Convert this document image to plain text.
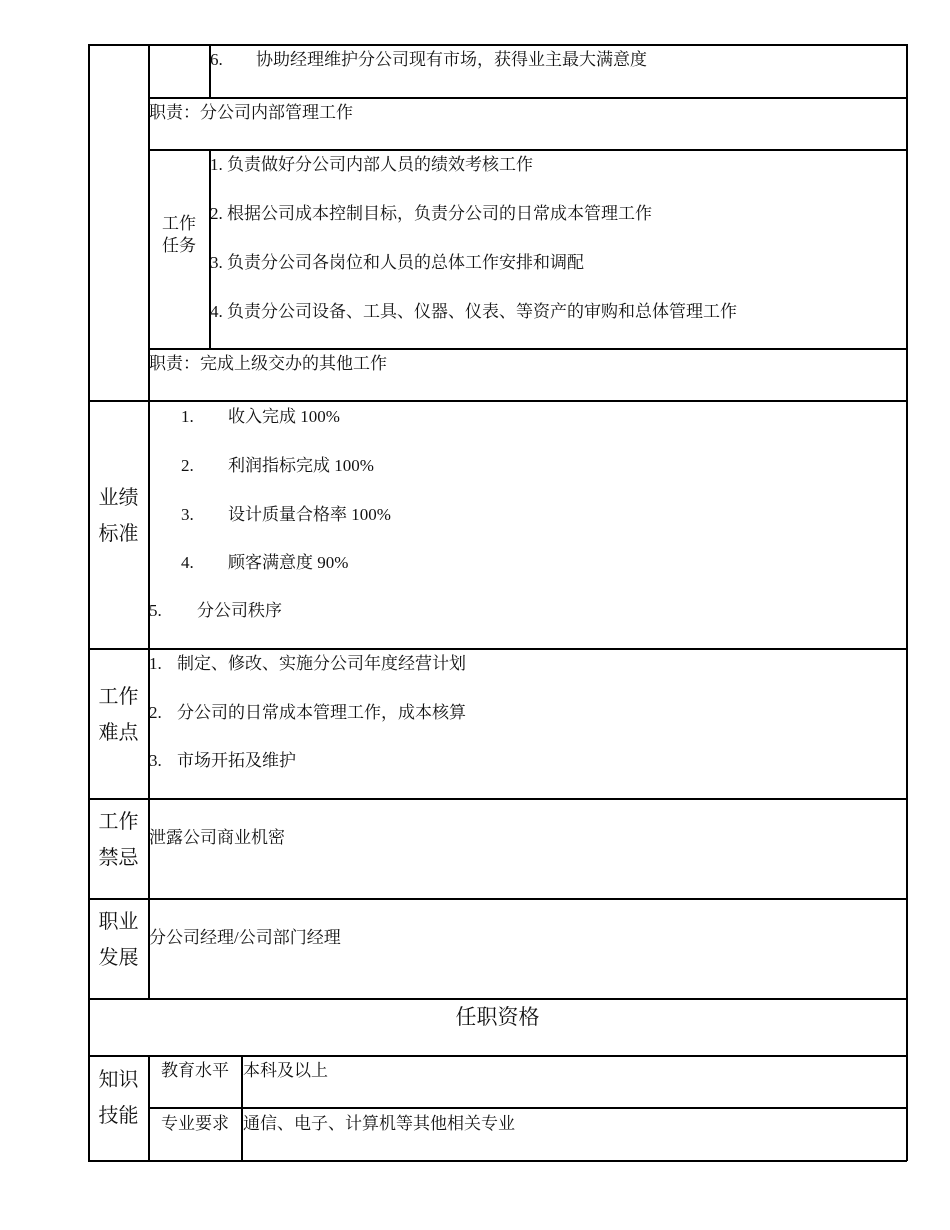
6. 协助经理维护分公司现有市场，获得业主最大满意度
职责：分公司内部管理工作
工作
任务
1. 负责做好分公司内部人员的绩效考核工作
2. 根据公司成本控制目标，负责分公司的日常成本管理工作
3. 负责分公司各岗位和人员的总体工作安排和调配
4. 负责分公司设备、工具、仪器、仪表、等资产的审购和总体管理工作
职责：完成上级交办的其他工作
业绩
标准
1. 收入完成 100%
2. 利润指标完成 100%
3. 设计质量合格率 100%
4. 顾客满意度 90%
5. 分公司秩序
工作
难点
1. 制定、修改、实施分公司年度经营计划
2. 分公司的日常成本管理工作，成本核算
3. 市场开拓及维护
工作
禁忌
泄露公司商业机密
职业
发展
分公司经理/公司部门经理
任职资格
知识
技能
教育水平 本科及以上
专业要求 通信、电子、计算机等其他相关专业
